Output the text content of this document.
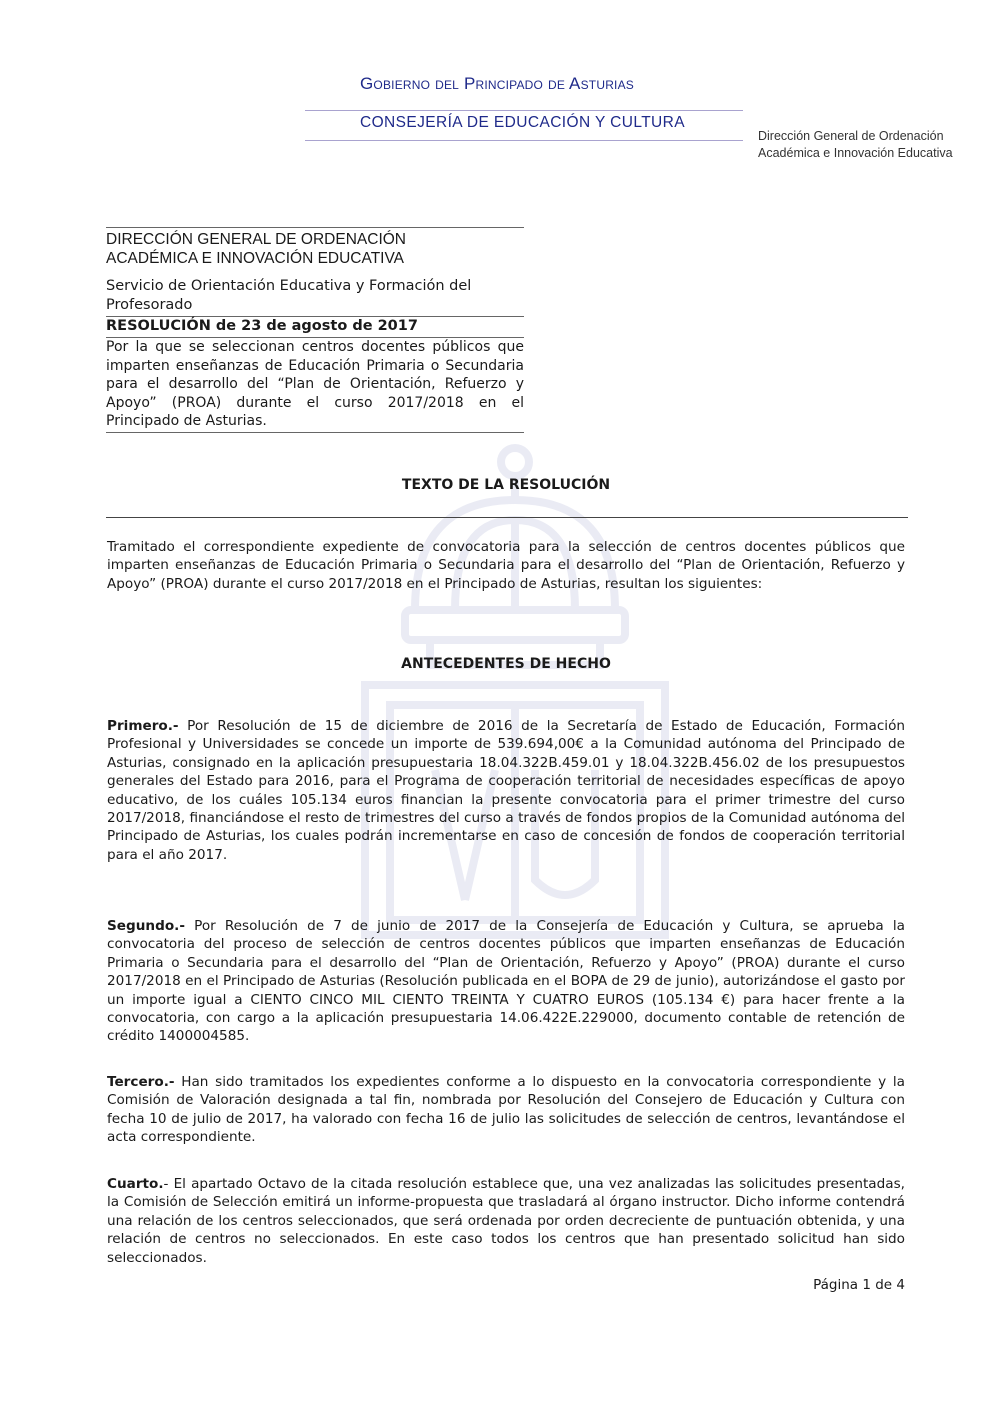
Gobierno del Principado de Asturias
CONSEJERÍA DE EDUCACIÓN Y CULTURA
Dirección General de Ordenación
Académica e Innovación Educativa
DIRECCIÓN GENERAL DE ORDENACIÓN
ACADÉMICA E INNOVACIÓN EDUCATIVA
Servicio de Orientación Educativa y Formación del Profesorado
RESOLUCIÓN de 23 de agosto de 2017
Por la que se seleccionan centros docentes públicos que imparten enseñanzas de Educación Primaria o Secundaria para el desarrollo del “Plan de Orientación, Refuerzo y Apoyo” (PROA) durante el curso 2017/2018 en el Principado de Asturias.
TEXTO DE LA RESOLUCIÓN
Tramitado el correspondiente expediente de convocatoria para la selección de centros docentes públicos que imparten enseñanzas de Educación Primaria o Secundaria para el desarrollo del “Plan de Orientación, Refuerzo y Apoyo” (PROA) durante el curso 2017/2018 en el Principado de Asturias, resultan los siguientes:
ANTECEDENTES DE HECHO
Primero.- Por Resolución de 15 de diciembre de 2016 de la Secretaría de Estado de Educación, Formación Profesional y Universidades se concede un importe de 539.694,00€ a la Comunidad autónoma del Principado de Asturias, consignado en la aplicación presupuestaria 18.04.322B.459.01 y 18.04.322B.456.02 de los presupuestos generales del Estado para 2016, para el Programa de cooperación territorial de necesidades específicas de apoyo educativo, de los cuáles 105.134 euros financian la presente convocatoria para el primer trimestre del curso 2017/2018, financiándose el resto de trimestres del curso a través de fondos propios de la Comunidad autónoma del Principado de Asturias, los cuales podrán incrementarse en caso de concesión de fondos de cooperación territorial para el año 2017.
Segundo.- Por Resolución de 7 de junio de 2017 de la Consejería de Educación y Cultura, se aprueba la convocatoria del proceso de selección de centros docentes públicos que imparten enseñanzas de Educación Primaria o Secundaria para el desarrollo del “Plan de Orientación, Refuerzo y Apoyo” (PROA) durante el curso 2017/2018 en el Principado de Asturias (Resolución publicada en el BOPA de 29 de junio), autorizándose el gasto por un importe igual a CIENTO CINCO MIL CIENTO TREINTA Y CUATRO EUROS (105.134 €) para hacer frente a la convocatoria, con cargo a la aplicación presupuestaria 14.06.422E.229000, documento contable de retención de crédito 1400004585.
Tercero.- Han sido tramitados los expedientes conforme a lo dispuesto en la convocatoria correspondiente y la Comisión de Valoración designada a tal fin, nombrada por Resolución del Consejero de Educación y Cultura con fecha 10 de julio de 2017, ha valorado con fecha 16 de julio las solicitudes de selección de centros, levantándose el acta correspondiente.
Cuarto.- El apartado Octavo de la citada resolución establece que, una vez analizadas las solicitudes presentadas, la Comisión de Selección emitirá un informe-propuesta que trasladará al órgano instructor. Dicho informe contendrá una relación de los centros seleccionados, que será ordenada por orden decreciente de puntuación obtenida, y una relación de centros no seleccionados. En este caso todos los centros que han presentado solicitud han sido seleccionados.
Página 1 de 4
